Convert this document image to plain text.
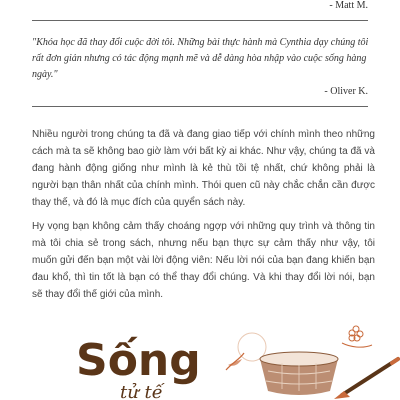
- Matt M.

"Khóa học đã thay đổi cuộc đời tôi. Những bài thực hành mà Cynthia dạy chúng tôi rất đơn giản nhưng có tác động mạnh mẽ và dễ dàng hòa nhập vào cuộc sống hàng ngày."

- Oliver K.

Nhiều người trong chúng ta đã và đang giao tiếp với chính mình theo những cách mà ta sẽ không bao giờ làm với bất kỳ ai khác. Như vậy, chúng ta đã và đang hành động giống như mình là kẻ thù tồi tệ nhất, chứ không phải là người bạn thân nhất của chính mình. Thói quen cũ này chắc chắn cần được thay thế, và đó là mục đích của quyển sách này.

Hy vọng bạn không cảm thấy choáng ngợp với những quy trình và thông tin mà tôi chia sẻ trong sách, nhưng nếu bạn thực sự cảm thấy như vậy, tôi muốn gửi đến bạn một vài lời động viên: Nếu lời nói của bạn đang khiến bạn đau khổ, thì tin tốt là bạn có thể thay đổi chúng. Và khi thay đổi lời nói, bạn sẽ thay đổi thế giới của mình.

Sống
tử tế
